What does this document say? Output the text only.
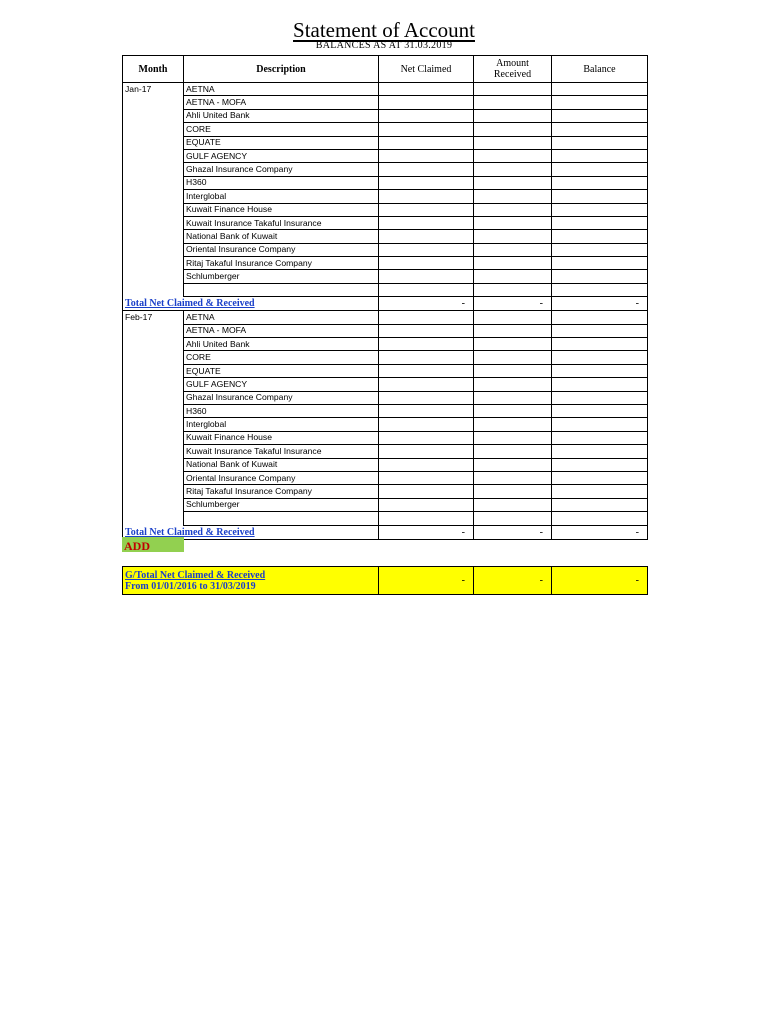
Statement of Account
BALANCES AS AT 31.03.2019
Month	Description	Net Claimed	Amount
Received	Balance
Jan-17	AETNA			
	AETNA - MOFA			
	Ahli United Bank			
	CORE			
	EQUATE			
	GULF AGENCY			
	Ghazal Insurance Company			
	H360			
	Interglobal			
	Kuwait Finance House			
	Kuwait Insurance Takaful Insurance			
	National Bank of Kuwait			
	Oriental Insurance Company			
	Ritaj Takaful Insurance Company			
	Schlumberger			

Total Net Claimed & Received		-	-	-
Feb-17	AETNA			
	AETNA - MOFA			
	Ahli United Bank			
	CORE			
	EQUATE			
	GULF AGENCY			
	Ghazal Insurance Company			
	H360			
	Interglobal			
	Kuwait Finance House			
	Kuwait Insurance Takaful Insurance			
	National Bank of Kuwait			
	Oriental Insurance Company			
	Ritaj Takaful Insurance Company			
	Schlumberger			

Total Net Claimed & Received		-	-	-
ADD
G/Total Net Claimed & Received
From 01/01/2016 to 31/03/2019	-	-	-
